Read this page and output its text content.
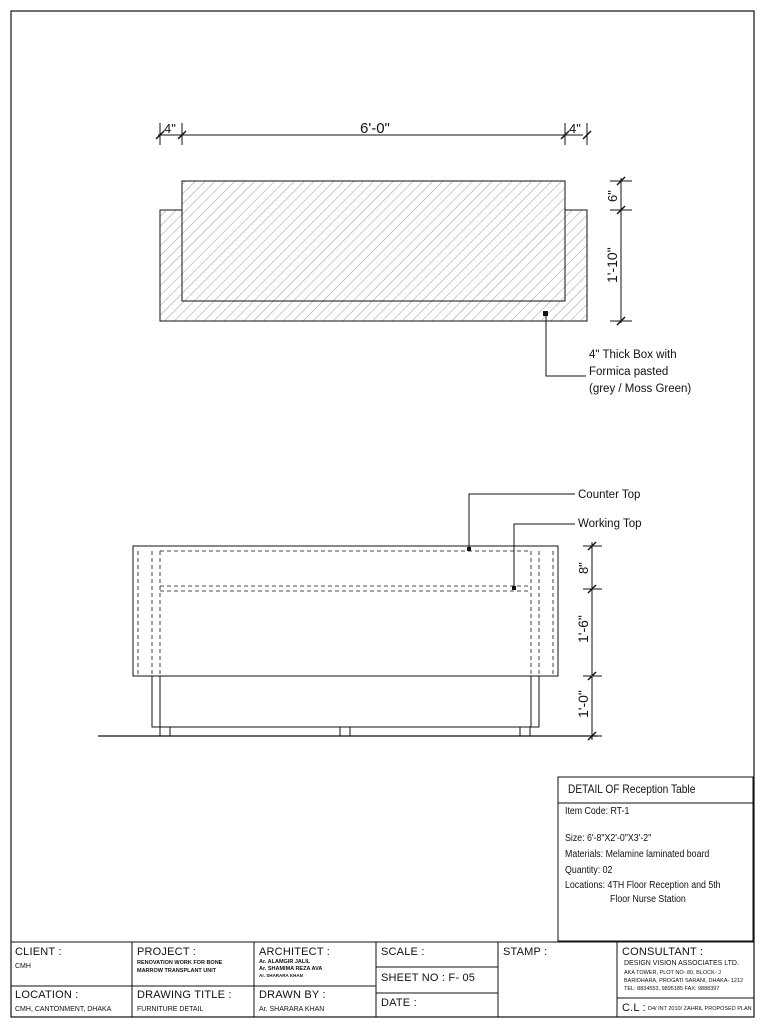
4"	6'-0"	4"
6"
1'-10"
4" Thick Box with
Formica pasted
(grey / Moss Green)
Counter Top
Working Top
8"
1'-6"
1'-0"
DETAIL OF Reception Table
Item Code: RT-1
Size: 6'-8"X2'-0"X3'-2"
Materials: Melamine laminated board
Quantity: 02
Locations: 4TH Floor Reception and 5th
Floor Nurse Station
CLIENT :
CMH
LOCATION :
CMH, CANTONMENT, DHAKA
PROJECT :
RENOVATION WORK FOR BONE
MARROW TRANSPLANT UNIT
DRAWING TITLE :
FURNITURE DETAIL
ARCHITECT :
Ar. ALAMGIR JALIL
Ar. SHAMIMA REZA AVA
Ar. SHARARA KHAN
DRAWN BY :
Ar. SHARARA KHAN
SCALE :
SHEET NO : F- 05
DATE :
STAMP :	CONSULTANT :
DESIGN VISION ASSOCIATES LTD.
AKA TOWER, PLOT NO- 80, BLOCK- J
BARIDHARA, PROGATI SARANI, DHAKA- 1212
TEL: 8834553, 9895185 FAX: 9888397
C.L : D4/ INT 2010/ ZAHRIL PROPOSED PLAN
